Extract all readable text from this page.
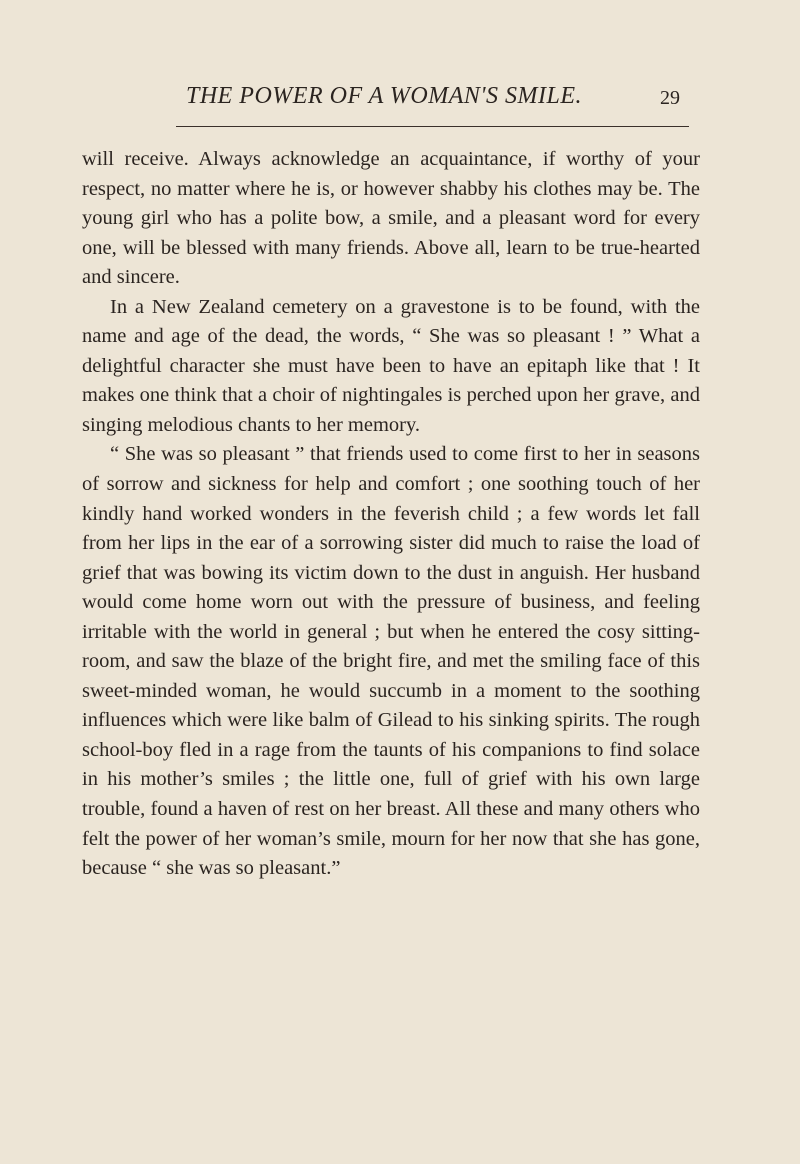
THE POWER OF A WOMAN'S SMILE.	29

will receive. Always acknowledge an acquaintance, if worthy of your respect, no matter where he is, or however shabby his clothes may be. The young girl who has a polite bow, a smile, and a pleasant word for every one, will be blessed with many friends. Above all, learn to be true-hearted and sincere.

In a New Zealand cemetery on a gravestone is to be found, with the name and age of the dead, the words, “ She was so pleasant ! ” What a delightful character she must have been to have an epitaph like that ! It makes one think that a choir of nightingales is perched upon her grave, and singing melodious chants to her memory.

“ She was so pleasant ” that friends used to come first to her in seasons of sorrow and sickness for help and comfort ; one soothing touch of her kindly hand worked wonders in the feverish child ; a few words let fall from her lips in the ear of a sorrowing sister did much to raise the load of grief that was bowing its victim down to the dust in anguish. Her husband would come home worn out with the pressure of business, and feeling irritable with the world in general ; but when he entered the cosy sitting-room, and saw the blaze of the bright fire, and met the smiling face of this sweet-minded woman, he would succumb in a moment to the soothing influences which were like balm of Gilead to his sinking spirits. The rough school-boy fled in a rage from the taunts of his companions to find solace in his mother’s smiles ; the little one, full of grief with his own large trouble, found a haven of rest on her breast. All these and many others who felt the power of her woman’s smile, mourn for her now that she has gone, because “ she was so pleasant.”
